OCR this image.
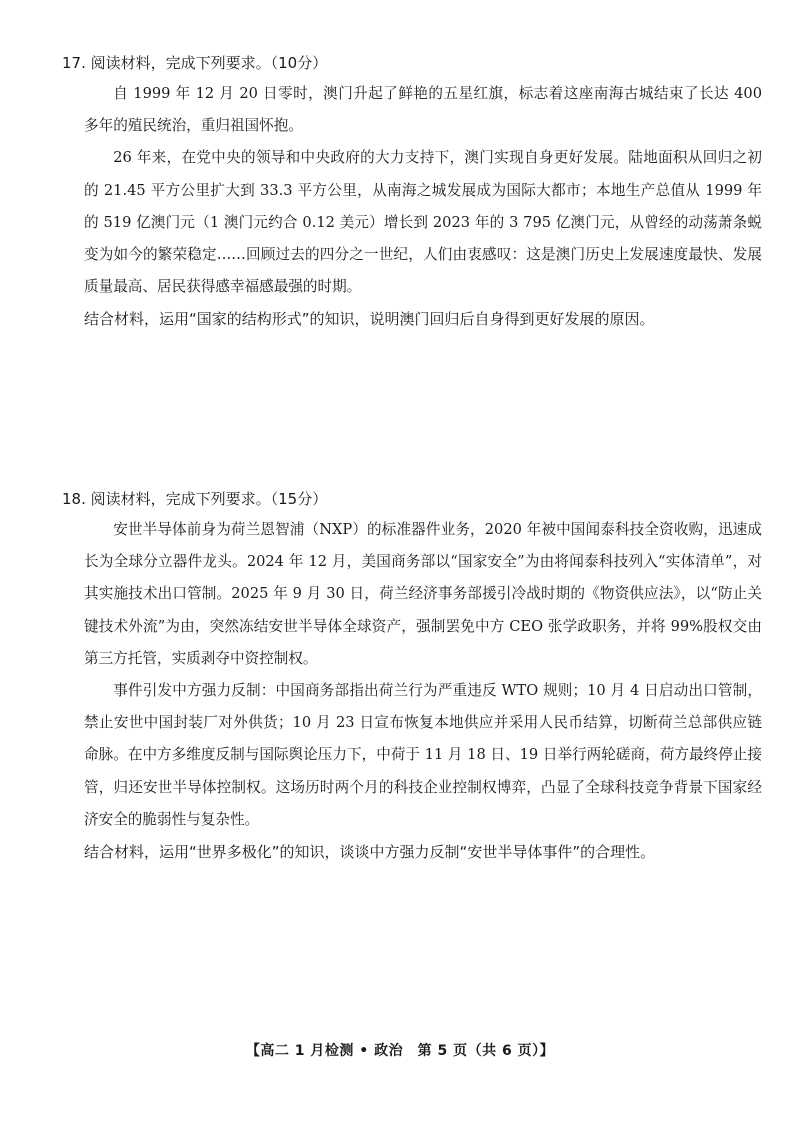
17. 阅读材料，完成下列要求。（10分）

自 1999 年 12 月 20 日零时，澳门升起了鲜艳的五星红旗，标志着这座南海古城结束了长达 400 多年的殖民统治，重归祖国怀抱。

26 年来，在党中央的领导和中央政府的大力支持下，澳门实现自身更好发展。陆地面积从回归之初的 21.45 平方公里扩大到 33.3 平方公里，从南海之城发展成为国际大都市；本地生产总值从 1999 年的 519 亿澳门元（1 澳门元约合 0.12 美元）增长到 2023 年的 3 795 亿澳门元，从曾经的动荡萧条蜕变为如今的繁荣稳定……回顾过去的四分之一世纪，人们由衷感叹：这是澳门历史上发展速度最快、发展质量最高、居民获得感幸福感最强的时期。

结合材料，运用“国家的结构形式”的知识，说明澳门回归后自身得到更好发展的原因。

18. 阅读材料，完成下列要求。（15分）

安世半导体前身为荷兰恩智浦（NXP）的标准器件业务，2020 年被中国闻泰科技全资收购，迅速成长为全球分立器件龙头。2024 年 12 月，美国商务部以“国家安全”为由将闻泰科技列入“实体清单”，对其实施技术出口管制。2025 年 9 月 30 日，荷兰经济事务部援引冷战时期的《物资供应法》，以“防止关键技术外流”为由，突然冻结安世半导体全球资产，强制罢免中方 CEO 张学政职务，并将 99%股权交由第三方托管，实质剥夺中资控制权。

事件引发中方强力反制：中国商务部指出荷兰行为严重违反 WTO 规则；10 月 4 日启动出口管制，禁止安世中国封装厂对外供货；10 月 23 日宣布恢复本地供应并采用人民币结算，切断荷兰总部供应链命脉。在中方多维度反制与国际舆论压力下，中荷于 11 月 18 日、19 日举行两轮磋商，荷方最终停止接管，归还安世半导体控制权。这场历时两个月的科技企业控制权博弈，凸显了全球科技竞争背景下国家经济安全的脆弱性与复杂性。

结合材料，运用“世界多极化”的知识，谈谈中方强力反制“安世半导体事件”的合理性。

【高二 1 月检测 • 政治　第 5 页（共 6 页）】
